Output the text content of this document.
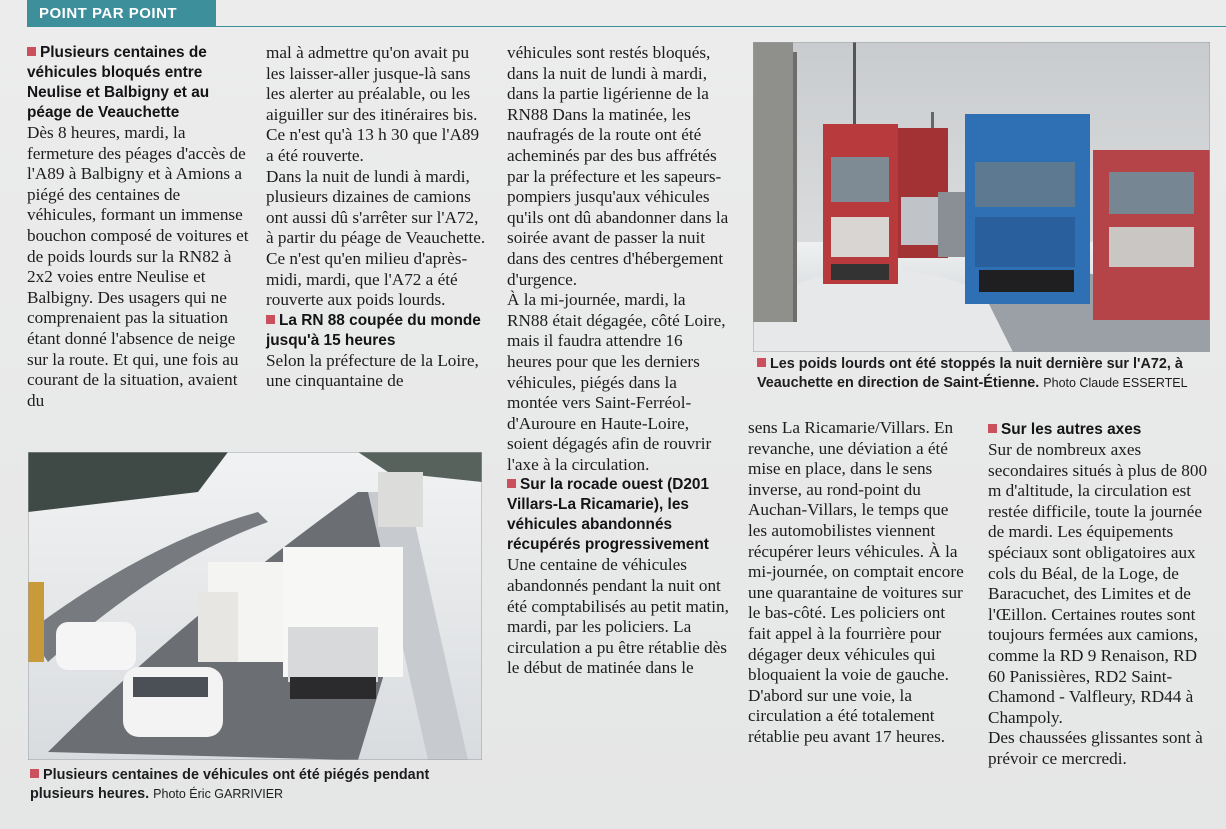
POINT PAR POINT

Plusieurs centaines de véhicules bloqués entre Neulise et Balbigny et au péage de Veauchette

Dès 8 heures, mardi, la fermeture des péages d'accès de l'A89 à Balbigny et à Amions a piégé des centaines de véhicules, formant un immense bouchon composé de voitures et de poids lourds sur la RN82 à 2x2 voies entre Neulise et Balbigny. Des usagers qui ne comprenaient pas la situation étant donné l'absence de neige sur la route. Et qui, une fois au courant de la situation, avaient du

mal à admettre qu'on avait pu les laisser-aller jusque-là sans les alerter au préalable, ou les aiguiller sur des itinéraires bis. Ce n'est qu'à 13 h 30 que l'A89 a été rouverte.

Dans la nuit de lundi à mardi, plusieurs dizaines de camions ont aussi dû s'arrêter sur l'A72, à partir du péage de Veauchette. Ce n'est qu'en milieu d'après-midi, mardi, que l'A72 a été rouverte aux poids lourds.

La RN 88 coupée du monde jusqu'à 15 heures

Selon la préfecture de la Loire, une cinquantaine de

véhicules sont restés bloqués, dans la nuit de lundi à mardi, dans la partie ligérienne de la RN88 Dans la matinée, les naufragés de la route ont été acheminés par des bus affrétés par la préfecture et les sapeurs-pompiers jusqu'aux véhicules qu'ils ont dû abandonner dans la soirée avant de passer la nuit dans des centres d'hébergement d'urgence.

À la mi-journée, mardi, la RN88 était dégagée, côté Loire, mais il faudra attendre 16 heures pour que les derniers véhicules, piégés dans la montée vers Saint-Ferréol-d'Auroure en Haute-Loire, soient dégagés afin de rouvrir l'axe à la circulation.

Sur la rocade ouest (D201 Villars-La Ricamarie), les véhicules abandonnés récupérés progressivement

Une centaine de véhicules abandonnés pendant la nuit ont été comptabilisés au petit matin, mardi, par les policiers. La circulation a pu être rétablie dès le début de matinée dans le

sens La Ricamarie/Villars. En revanche, une déviation a été mise en place, dans le sens inverse, au rond-point du Auchan-Villars, le temps que les automobilistes viennent récupérer leurs véhicules. À la mi-journée, on comptait encore une quarantaine de voitures sur le bas-côté. Les policiers ont fait appel à la fourrière pour dégager deux véhicules qui bloquaient la voie de gauche. D'abord sur une voie, la circulation a été totalement rétablie peu avant 17 heures.

Sur les autres axes

Sur de nombreux axes secondaires situés à plus de 800 m d'altitude, la circulation est restée difficile, toute la journée de mardi. Les équipements spéciaux sont obligatoires aux cols du Béal, de la Loge, de Baracuchet, des Limites et de l'Œillon. Certaines routes sont toujours fermées aux camions, comme la RD 9 Renaison, RD 60 Panissières, RD2 Saint-Chamond - Valfleury, RD44 à Champoly.

Des chaussées glissantes sont à prévoir ce mercredi.

Les poids lourds ont été stoppés la nuit dernière sur l'A72, à Veauchette en direction de Saint-Étienne. Photo Claude ESSERTEL
Plusieurs centaines de véhicules ont été piégés pendant plusieurs heures. Photo Éric GARRIVIER
